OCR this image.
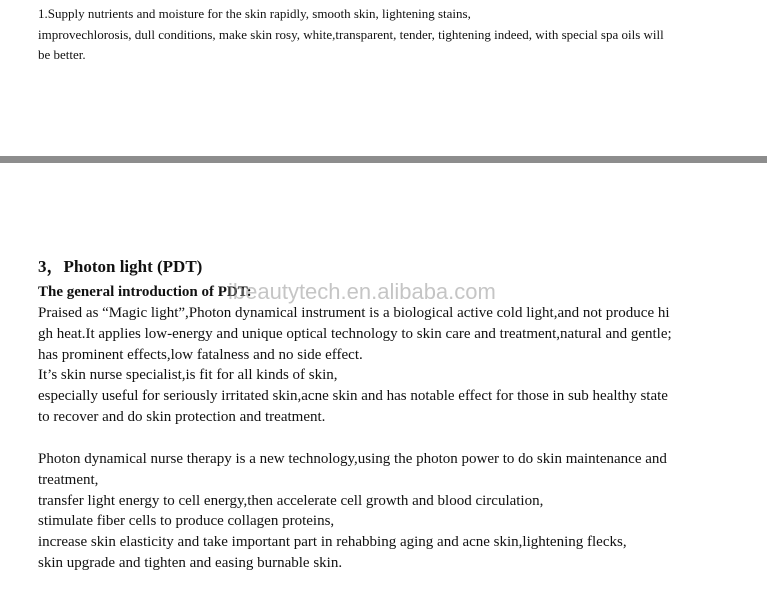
1.Supply nutrients and moisture for the skin rapidly, smooth skin, lightening stains,
improvechlorosis, dull conditions, make skin rosy, white,transparent, tender, tightening indeed, with special spa oils will
be better.
3，Photon light (PDT)
The general introduction of PDT:
ibeautytech.en.alibaba.com
Praised as “Magic light”,Photon dynamical instrument is a biological active cold light,and not produce hi
gh heat.It applies low-energy and unique optical technology to skin care and treatment,natural and gentle;
has prominent effects,low fatalness and no side effect.
It’s skin nurse specialist,is fit for all kinds of skin,
especially useful for seriously irritated skin,acne skin and has notable effect for those in sub healthy state
to recover and do skin protection and treatment.
Photon dynamical nurse therapy is a new technology,using the photon power to do skin maintenance and
treatment,
transfer light energy to cell energy,then accelerate cell growth and blood circulation,
stimulate fiber cells to produce collagen proteins,
increase skin elasticity and take important part in rehabbing aging and acne skin,lightening flecks,
skin upgrade and tighten and easing burnable skin.
